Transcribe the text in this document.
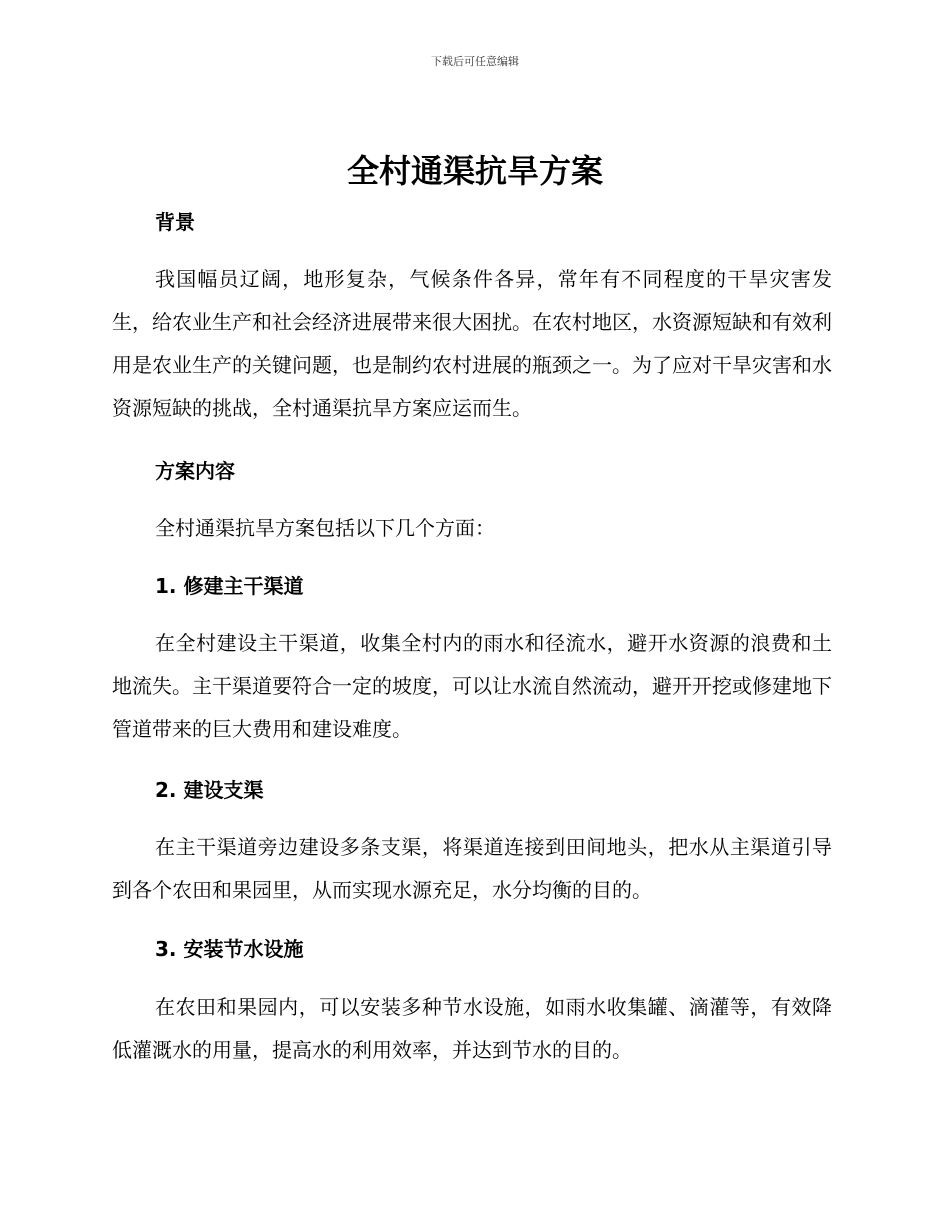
下载后可任意编辑
全村通渠抗旱方案
背景

我国幅员辽阔，地形复杂，气候条件各异，常年有不同程度的干旱灾害发生，给农业生产和社会经济进展带来很大困扰。在农村地区，水资源短缺和有效利用是农业生产的关键问题，也是制约农村进展的瓶颈之一。为了应对干旱灾害和水资源短缺的挑战，全村通渠抗旱方案应运而生。

方案内容

全村通渠抗旱方案包括以下几个方面：

1. 修建主干渠道

在全村建设主干渠道，收集全村内的雨水和径流水，避开水资源的浪费和土地流失。主干渠道要符合一定的坡度，可以让水流自然流动，避开开挖或修建地下管道带来的巨大费用和建设难度。

2. 建设支渠

在主干渠道旁边建设多条支渠，将渠道连接到田间地头，把水从主渠道引导到各个农田和果园里，从而实现水源充足，水分均衡的目的。

3. 安装节水设施

在农田和果园内，可以安装多种节水设施，如雨水收集罐、滴灌等，有效降低灌溉水的用量，提高水的利用效率，并达到节水的目的。
